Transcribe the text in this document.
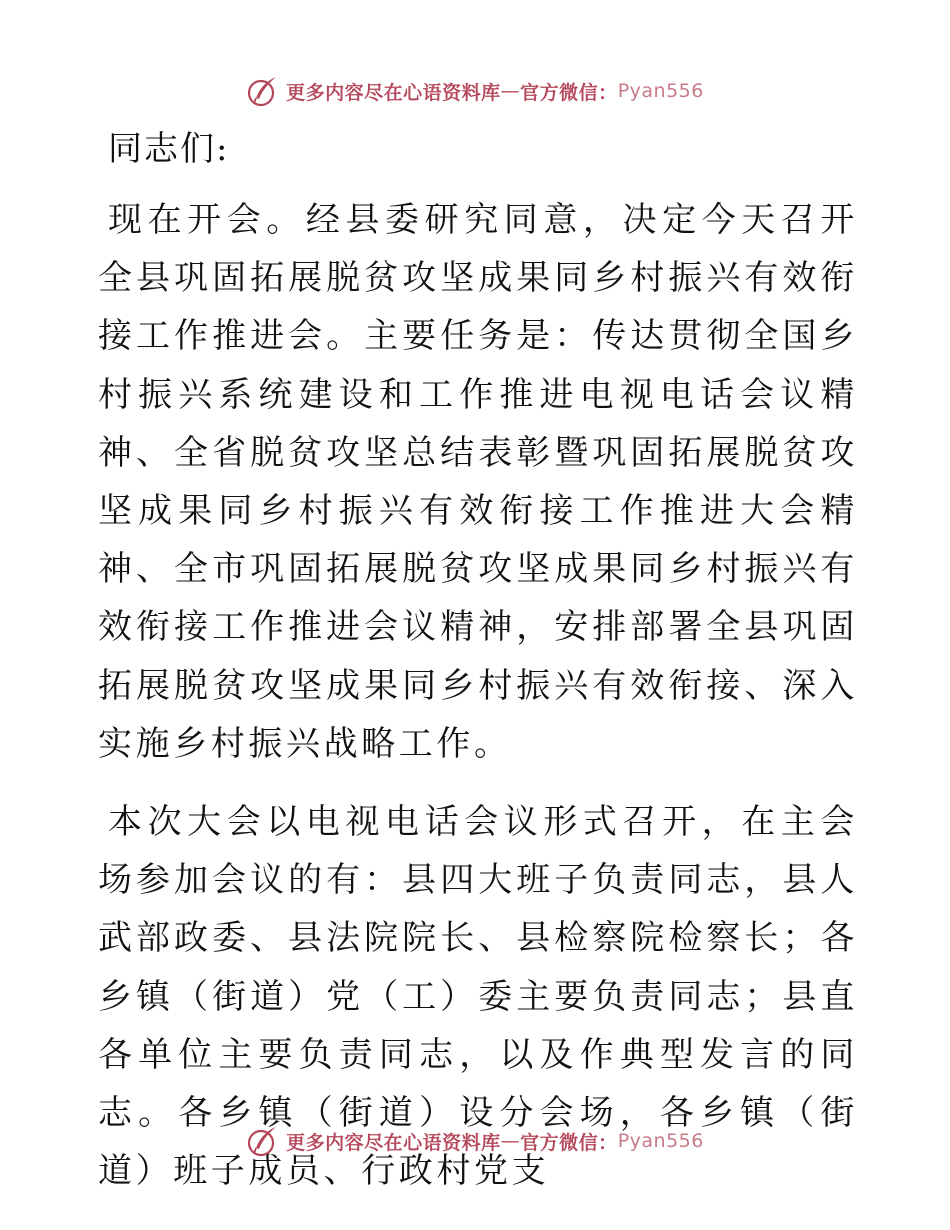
更多内容尽在心语资料库 — 官方微信： Pyan556

同志们:

现在开会。经县委研究同意，决定今天召开全县巩固拓展脱贫攻坚成果同乡村振兴有效衔接工作推进会。主要任务是：传达贯彻全国乡村振兴系统建设和工作推进电视电话会议精神、全省脱贫攻坚总结表彰暨巩固拓展脱贫攻坚成果同乡村振兴有效衔接工作推进大会精神、全市巩固拓展脱贫攻坚成果同乡村振兴有效衔接工作推进会议精神，安排部署全县巩固拓展脱贫攻坚成果同乡村振兴有效衔接、深入实施乡村振兴战略工作。

本次大会以电视电话会议形式召开，在主会场参加会议的有：县四大班子负责同志，县人武部政委、县法院院长、县检察院检察长；各乡镇（街道）党（工）委主要负责同志；县直各单位主要负责同志，以及作典型发言的同志。各乡镇（街道）设分会场，各乡镇（街道）班子成员、行政村党支

更多内容尽在心语资料库 — 官方微信： Pyan556
